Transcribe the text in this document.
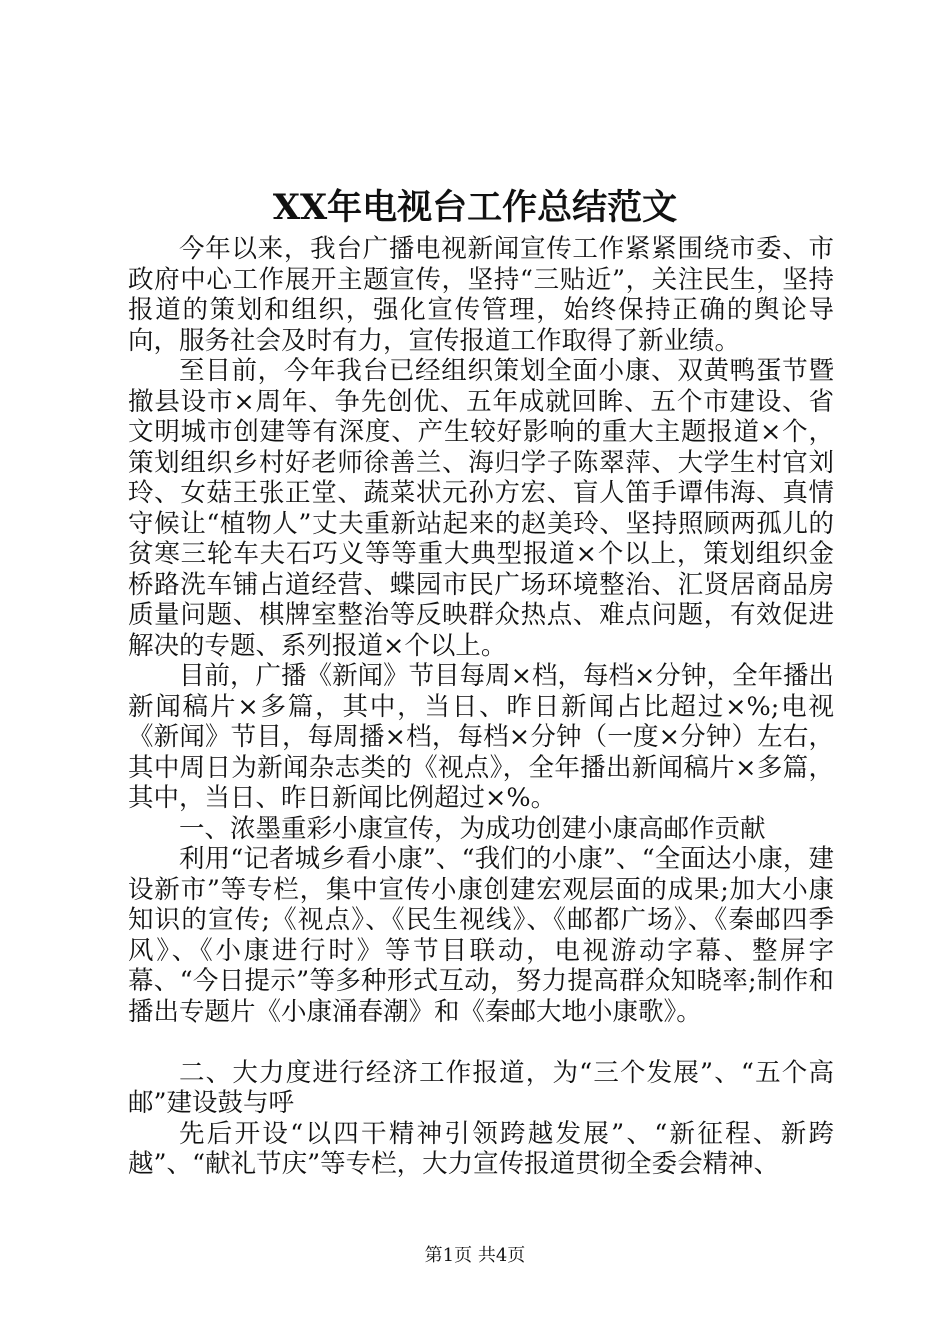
XX年电视台工作总结范文

今年以来，我台广播电视新闻宣传工作紧紧围绕市委、市政府中心工作展开主题宣传，坚持“三贴近”，关注民生，坚持报道的策划和组织，强化宣传管理，始终保持正确的舆论导向，服务社会及时有力，宣传报道工作取得了新业绩。

至目前，今年我台已经组织策划全面小康、双黄鸭蛋节暨撤县设市×周年、争先创优、五年成就回眸、五个市建设、省文明城市创建等有深度、产生较好影响的重大主题报道×个，策划组织乡村好老师徐善兰、海归学子陈翠萍、大学生村官刘玲、女菇王张正堂、蔬菜状元孙方宏、盲人笛手谭伟海、真情守候让“植物人”丈夫重新站起来的赵美玲、坚持照顾两孤儿的贫寒三轮车夫石巧义等等重大典型报道×个以上，策划组织金桥路洗车铺占道经营、蝶园市民广场环境整治、汇贤居商品房质量问题、棋牌室整治等反映群众热点、难点问题，有效促进解决的专题、系列报道×个以上。

目前，广播《新闻》节目每周×档，每档×分钟，全年播出新闻稿片×多篇，其中，当日、昨日新闻占比超过×%;电视《新闻》节目，每周播×档，每档×分钟（一度×分钟）左右，其中周日为新闻杂志类的《视点》，全年播出新闻稿片×多篇，其中，当日、昨日新闻比例超过×%。

一、浓墨重彩小康宣传，为成功创建小康高邮作贡献

利用“记者城乡看小康”、“我们的小康”、“全面达小康，建设新市”等专栏，集中宣传小康创建宏观层面的成果;加大小康知识的宣传;《视点》、《民生视线》、《邮都广场》、《秦邮四季风》、《小康进行时》等节目联动，电视游动字幕、整屏字幕、“今日提示”等多种形式互动，努力提高群众知晓率;制作和播出专题片《小康涌春潮》和《秦邮大地小康歌》。

二、大力度进行经济工作报道，为“三个发展”、“五个高邮”建设鼓与呼

先后开设“以四干精神引领跨越发展”、“新征程、新跨越”、“献礼节庆”等专栏，大力宣传报道贯彻全委会精神、

第1页 共4页
